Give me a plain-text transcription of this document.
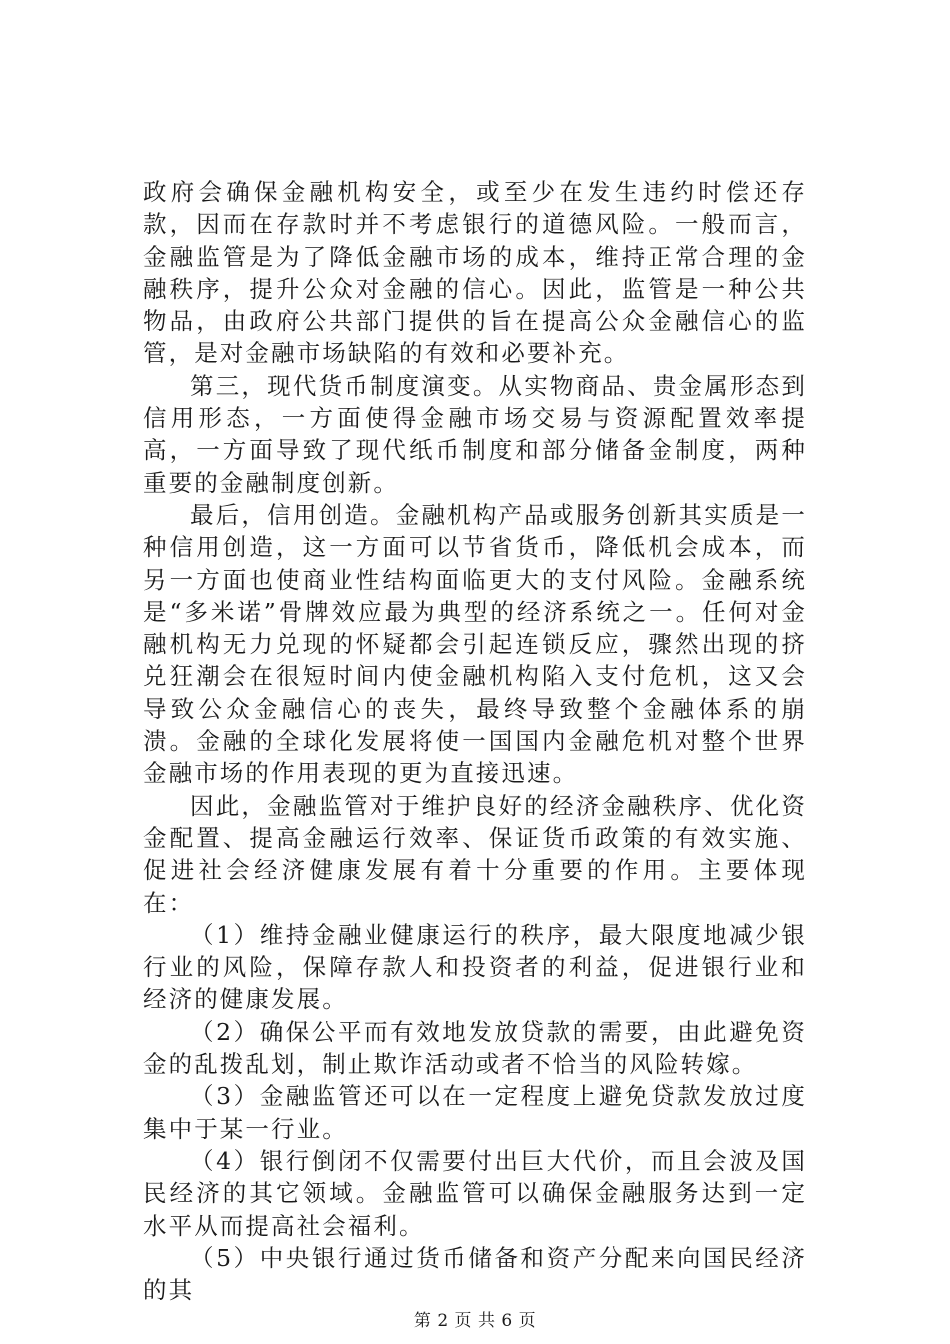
政府会确保金融机构安全，或至少在发生违约时偿还存款，因而在存款时并不考虑银行的道德风险。一般而言，金融监管是为了降低金融市场的成本，维持正常合理的金融秩序，提升公众对金融的信心。因此，监管是一种公共物品，由政府公共部门提供的旨在提高公众金融信心的监管，是对金融市场缺陷的有效和必要补充。

第三，现代货币制度演变。从实物商品、贵金属形态到信用形态，一方面使得金融市场交易与资源配置效率提高，一方面导致了现代纸币制度和部分储备金制度，两种重要的金融制度创新。

最后，信用创造。金融机构产品或服务创新其实质是一种信用创造，这一方面可以节省货币，降低机会成本，而另一方面也使商业性结构面临更大的支付风险。金融系统是“多米诺”骨牌效应最为典型的经济系统之一。任何对金融机构无力兑现的怀疑都会引起连锁反应，骤然出现的挤兑狂潮会在很短时间内使金融机构陷入支付危机，这又会导致公众金融信心的丧失，最终导致整个金融体系的崩溃。金融的全球化发展将使一国国内金融危机对整个世界金融市场的作用表现的更为直接迅速。

因此，金融监管对于维护良好的经济金融秩序、优化资金配置、提高金融运行效率、保证货币政策的有效实施、促进社会经济健康发展有着十分重要的作用。主要体现在：

（1）维持金融业健康运行的秩序，最大限度地减少银行业的风险，保障存款人和投资者的利益，促进银行业和经济的健康发展。

（2）确保公平而有效地发放贷款的需要，由此避免资金的乱拨乱划，制止欺诈活动或者不恰当的风险转嫁。

（3）金融监管还可以在一定程度上避免贷款发放过度集中于某一行业。

（4）银行倒闭不仅需要付出巨大代价，而且会波及国民经济的其它领域。金融监管可以确保金融服务达到一定水平从而提高社会福利。

（5）中央银行通过货币储备和资产分配来向国民经济的其

第 2 页 共 6 页
